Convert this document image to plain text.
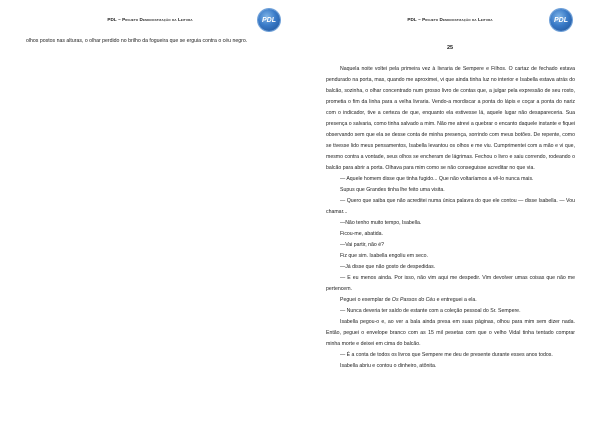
PDL – Projeto Democratização da Leitura	PDL

olhos postos nas alturas, o olhar perdido no brilho da fogueira que se erguia contra o céu negro.

PDL – Projeto Democratização da Leitura	PDL
25

Naquela noite voltei pela primeira vez à livraria de Sempere e Filhos. O cartaz de fechado estava pendurado na porta, mas, quando me aproximei, vi que ainda tinha luz no interior e Isabella estava atrás do balcão, sozinha, o olhar concentrado num grosso livro de contas que, a julgar pela expressão de seu rosto, prometia o fim da linha para a velha livraria. Vendo-a mordiscar a ponta do lápis e coçar a ponta do nariz com o indicador, tive a certeza de que, enquanto ela estivesse lá, aquele lugar não desapareceria. Sua presença o salvaria, como tinha salvado a mim. Não me atrevi a quebrar o encanto daquele instante e fiquei observando sem que ela se desse conta de minha presença, sorrindo com meus botões. De repente, como se tivesse lido meus pensamentos, Isabella levantou os olhos e me viu. Cumprimentei com a mão e vi que, mesmo contra a vontade, seus olhos se encheram de lágrimas. Fechou o livro e saiu correndo, rodeando o balcão para abrir a porta. Olhava para mim como se não conseguisse acreditar no que via.

— Aquele homem disse que tinha fugido... Que não voltaríamos a vê-lo nunca mais.

Supus que Grandes tinha lhe feito uma visita.

— Quero que saiba que não acreditei numa única palavra do que ele contou — disse Isabella. — Vou chamar...

—Não tenho muito tempo, Isabella.

Ficou-me, abatida.

—Vai partir, não é?

Fiz que sim. Isabella engoliu em seco.

—Já disse que não gosto de despedidas.

— E eu menos ainda. Por isso, não vim aqui me despedir. Vim devolver umas coisas que não me pertencem.

Peguei o exemplar de Os Passos do Céu e entreguei a ela.

— Nunca deveria ter saído de estante com a coleção pessoal do Sr. Sempere.

Isabella pegou-o e, ao ver a bala ainda presa em suas páginas, olhou para mim sem dizer nada. Então, peguei o envelope branco com as 15 mil pesetas com que o velho Vidal tinha tentado comprar minha morte e deixei em cima do balcão.

— É a conta de todos os livros que Sempere me deu de presente durante esses anos todos.

Isabella abriu e contou o dinheiro, atônita.
